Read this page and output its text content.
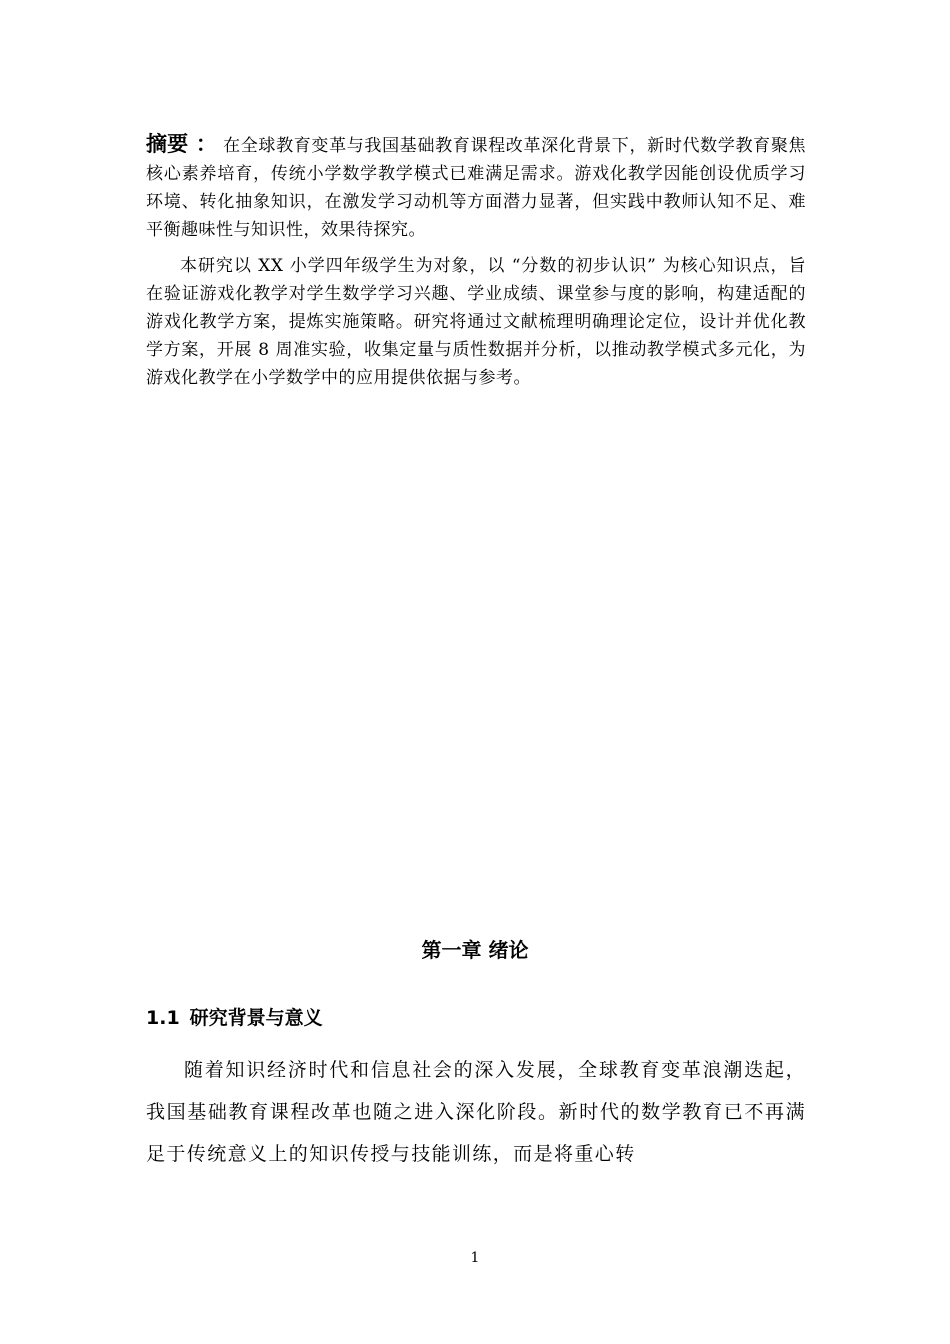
摘要 ： 在全球教育变革与我国基础教育课程改革深化背景下，新时代数学教育聚焦核心素养培育，传统小学数学教学模式已难满足需求。游戏化教学因能创设优质学习环境、转化抽象知识，在激发学习动机等方面潜力显著，但实践中教师认知不足、难平衡趣味性与知识性，效果待探究。

本研究以 XX 小学四年级学生为对象，以 “分数的初步认识” 为核心知识点，旨在验证游戏化教学对学生数学学习兴趣、学业成绩、课堂参与度的影响，构建适配的游戏化教学方案，提炼实施策略。研究将通过文献梳理明确理论定位，设计并优化教学方案，开展 8 周准实验，收集定量与质性数据并分析，以推动教学模式多元化，为游戏化教学在小学数学中的应用提供依据与参考。

第一章 绪论
1.1 研究背景与意义

随着知识经济时代和信息社会的深入发展，全球教育变革浪潮迭起，我国基础教育课程改革也随之进入深化阶段。新时代的数学教育已不再满足于传统意义上的知识传授与技能训练，而是将重心转

1
